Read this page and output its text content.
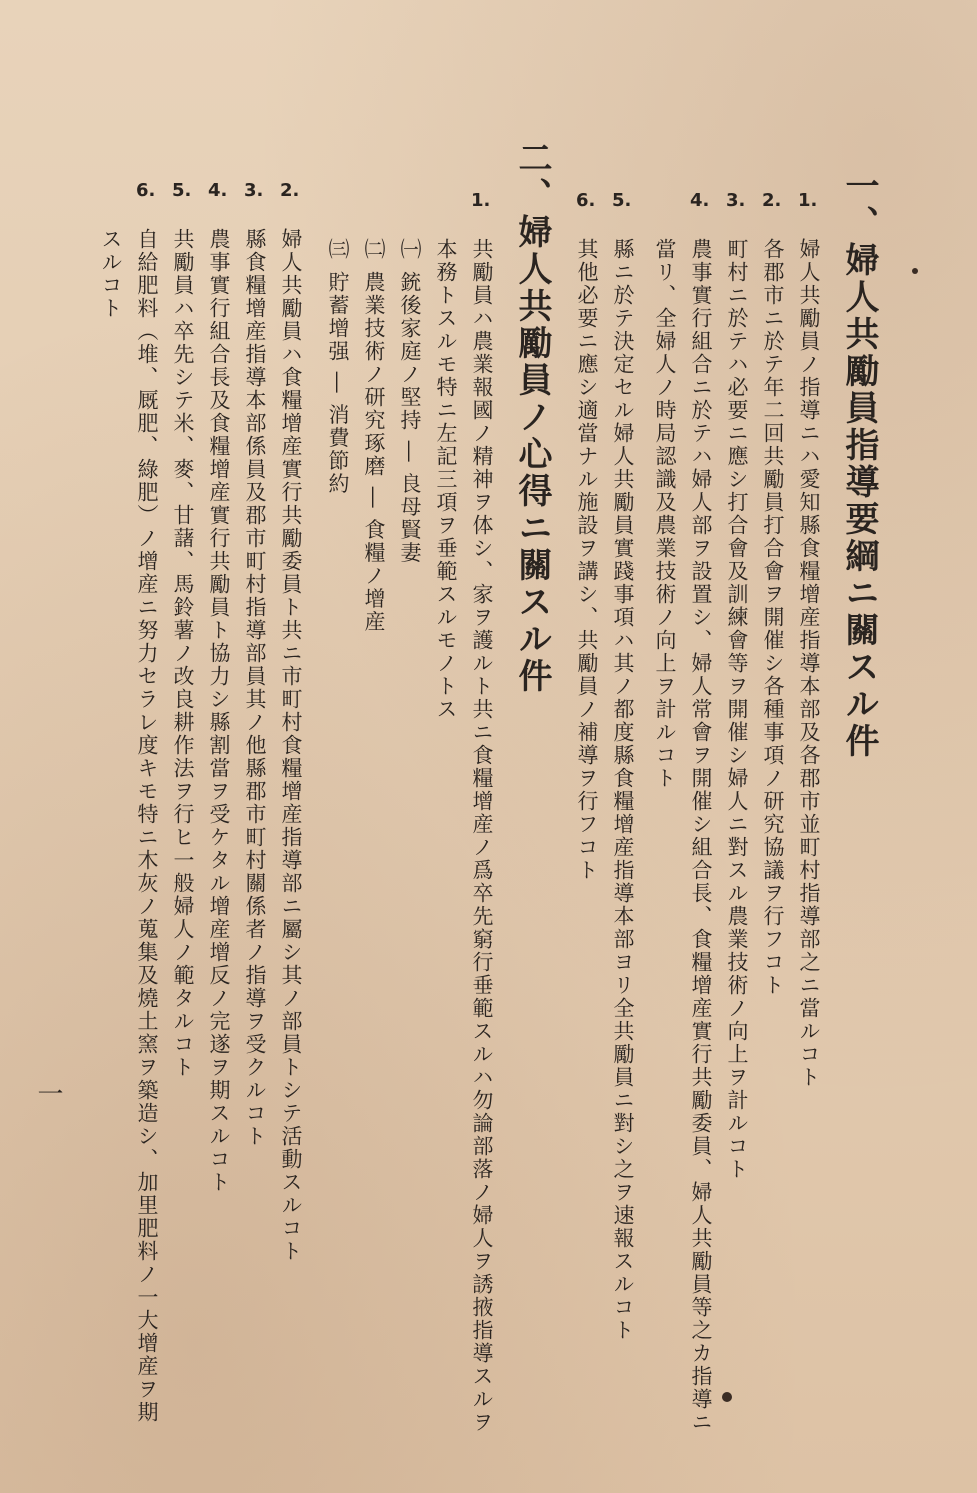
一、婦人共勵員指導要綱ニ關スル件
1.
婦人共勵員ノ指導ニハ愛知縣食糧增産指導本部及各郡市並町村指導部之ニ當ルコト
2.
各郡市ニ於テ年二回共勵員打合會ヲ開催シ各種事項ノ研究協議ヲ行フコト
3.
町村ニ於テハ必要ニ應シ打合會及訓練會等ヲ開催シ婦人ニ對スル農業技術ノ向上ヲ計ルコト
4.
農事實行組合ニ於テハ婦人部ヲ設置シ、婦人常會ヲ開催シ組合長、食糧增産實行共勵委員、婦人共勵員等之カ指導ニ
當リ、全婦人ノ時局認識及農業技術ノ向上ヲ計ルコト
5.
縣ニ於テ決定セル婦人共勵員實踐事項ハ其ノ都度縣食糧增産指導本部ヨリ全共勵員ニ對シ之ヲ速報スルコト
6.
其他必要ニ應シ適當ナル施設ヲ講シ、共勵員ノ補導ヲ行フコト
二、婦人共勵員ノ心得ニ關スル件
1.
共勵員ハ農業報國ノ精神ヲ体シ、家ヲ護ルト共ニ食糧增産ノ爲卒先窮行垂範スルハ勿論部落ノ婦人ヲ誘掖指導スルヲ
本務トスルモ特ニ左記三項ヲ垂範スルモノトス
㈠銃後家庭ノ堅持 ― 良母賢妻
㈡農業技術ノ研究琢磨 ― 食糧ノ增産
㈢貯蓄增强 ― 消費節約
2.
婦人共勵員ハ食糧增産實行共勵委員ト共ニ市町村食糧增産指導部ニ屬シ其ノ部員トシテ活動スルコト
3.
縣食糧增産指導本部係員及郡市町村指導部員其ノ他縣郡市町村關係者ノ指導ヲ受クルコト
4.
農事實行組合長及食糧增産實行共勵員ト協力シ縣割當ヲ受ケタル增産增反ノ完遂ヲ期スルコト
5.
共勵員ハ卒先シテ米、麥、甘藷、馬鈴薯ノ改良耕作法ヲ行ヒ一般婦人ノ範タルコト
6.
自給肥料（堆、厩肥、綠肥）ノ增産ニ努力セラレ度キモ特ニ木灰ノ蒐集及燒土窯ヲ築造シ、加里肥料ノ一大增産ヲ期
スルコト
一
